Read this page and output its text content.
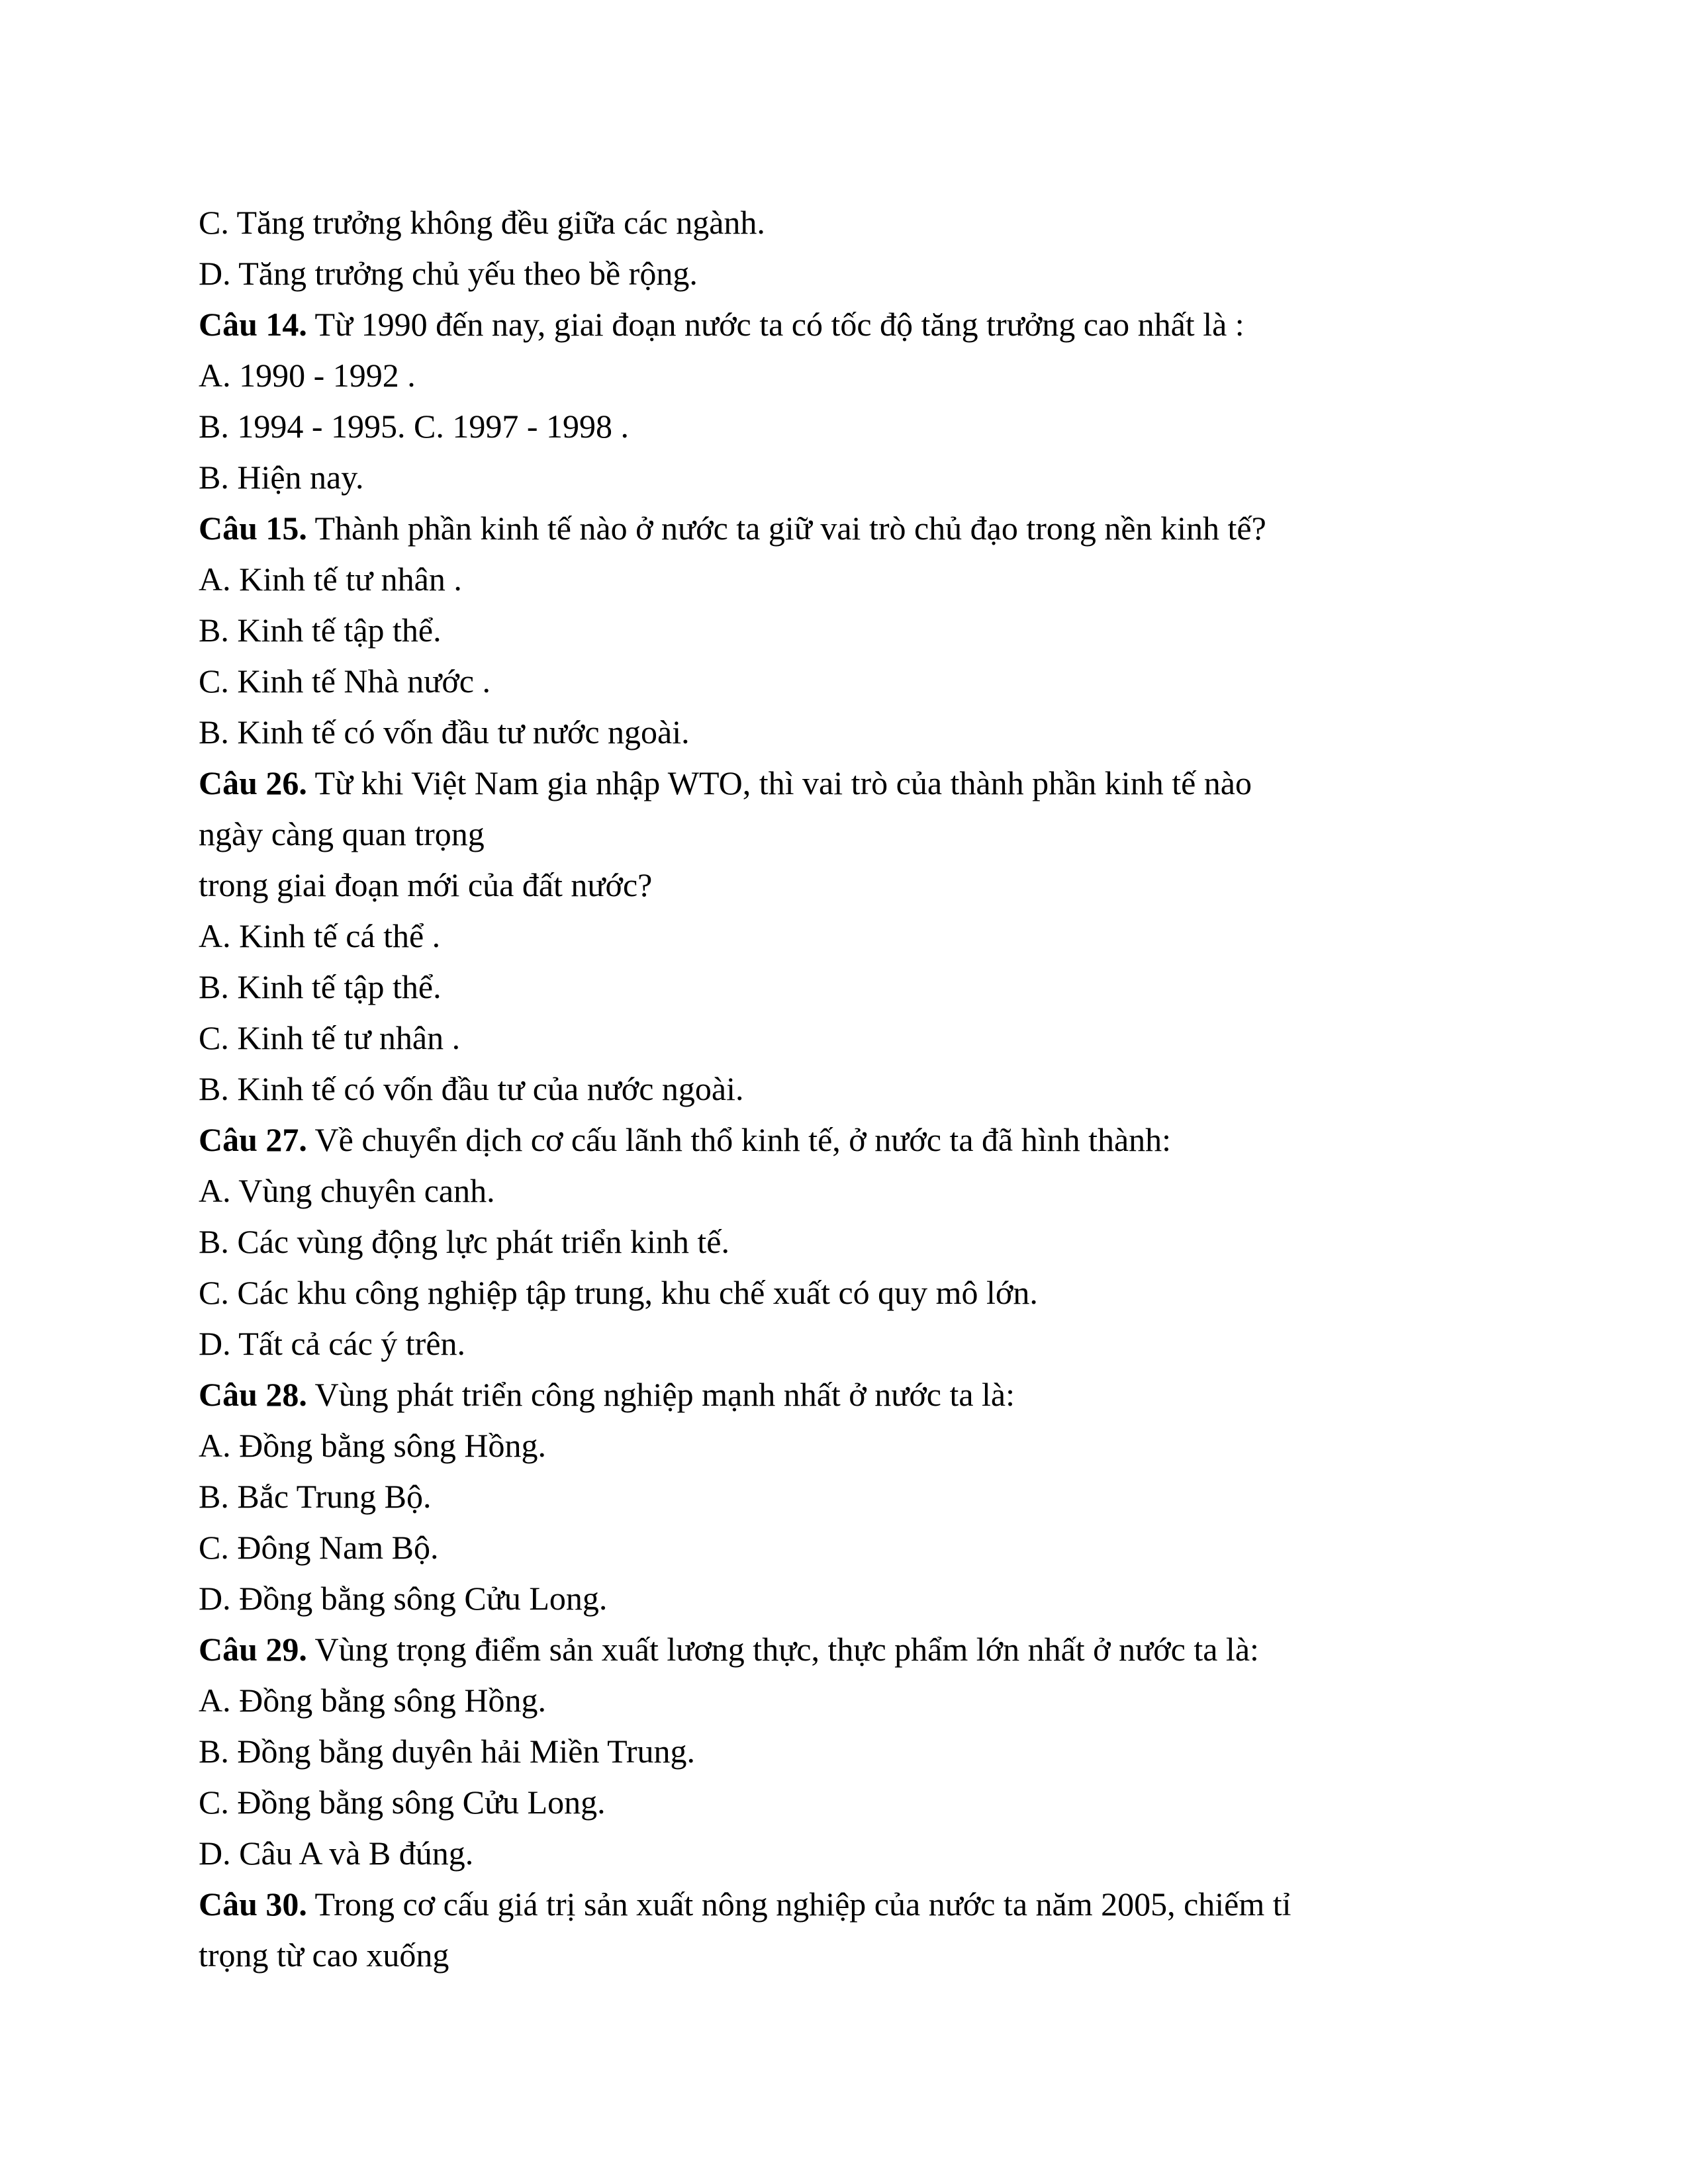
C. Tăng trưởng không đều giữa các ngành.
D. Tăng trưởng chủ yếu theo bề rộng.
Câu 14. Từ 1990 đến nay, giai đoạn nước ta có tốc độ tăng trưởng cao nhất là :
A. 1990 - 1992 .
B. 1994 - 1995. C. 1997 - 1998 .
B. Hiện nay.
Câu 15. Thành phần kinh tế nào ở nước ta giữ vai trò chủ đạo trong nền kinh tế?
A. Kinh tế tư nhân .
B. Kinh tế tập thể.
C. Kinh tế Nhà nước .
B. Kinh tế có vốn đầu tư nước ngoài.
Câu 26. Từ khi Việt Nam gia nhập WTO, thì vai trò của thành phần kinh tế nào
ngày càng quan trọng
trong giai đoạn mới của đất nước?
A. Kinh tế cá thể .
B. Kinh tế tập thể.
C. Kinh tế tư nhân .
B. Kinh tế có vốn đầu tư của nước ngoài.
Câu 27. Về chuyển dịch cơ cấu lãnh thổ kinh tế, ở nước ta đã hình thành:
A. Vùng chuyên canh.
B. Các vùng động lực phát triển kinh tế.
C. Các khu công nghiệp tập trung, khu chế xuất có quy mô lớn.
D. Tất cả các ý trên.
Câu 28. Vùng phát triển công nghiệp mạnh nhất ở nước ta là:
A. Đồng bằng sông Hồng.
B. Bắc Trung Bộ.
C. Đông Nam Bộ.
D. Đồng bằng sông Cửu Long.
Câu 29. Vùng trọng điểm sản xuất lương thực, thực phẩm lớn nhất ở nước ta là:
A. Đồng bằng sông Hồng.
B. Đồng bằng duyên hải Miền Trung.
C. Đồng bằng sông Cửu Long.
D. Câu A và B đúng.
Câu 30. Trong cơ cấu giá trị sản xuất nông nghiệp của nước ta năm 2005, chiếm tỉ
trọng từ cao xuống
